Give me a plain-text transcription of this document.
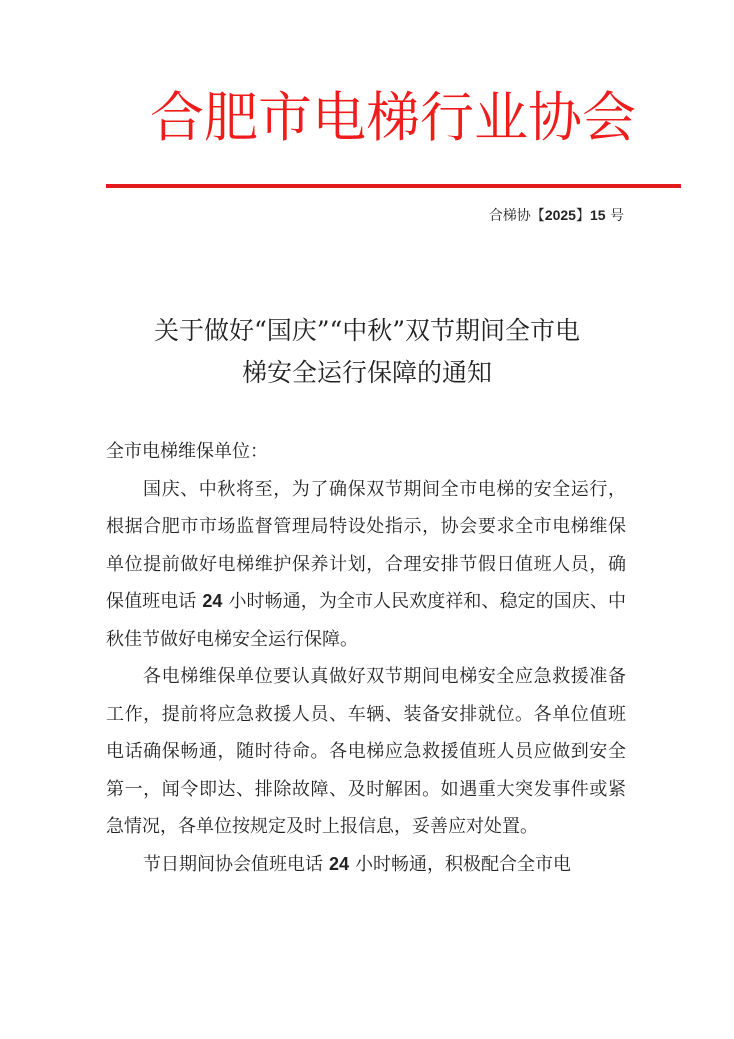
合肥市电梯行业协会
合梯协【2025】15 号
关于做好“国庆”“中秋”双节期间全市电
梯安全运行保障的通知

全市电梯维保单位：

国庆、中秋将至，为了确保双节期间全市电梯的安全运行，根据合肥市市场监督管理局特设处指示，协会要求全市电梯维保单位提前做好电梯维护保养计划，合理安排节假日值班人员，确保值班电话 24 小时畅通，为全市人民欢度祥和、稳定的国庆、中秋佳节做好电梯安全运行保障。

各电梯维保单位要认真做好双节期间电梯安全应急救援准备工作，提前将应急救援人员、车辆、装备安排就位。各单位值班电话确保畅通，随时待命。各电梯应急救援值班人员应做到安全第一，闻令即达、排除故障、及时解困。如遇重大突发事件或紧急情况，各单位按规定及时上报信息，妥善应对处置。

节日期间协会值班电话 24 小时畅通，积极配合全市电
